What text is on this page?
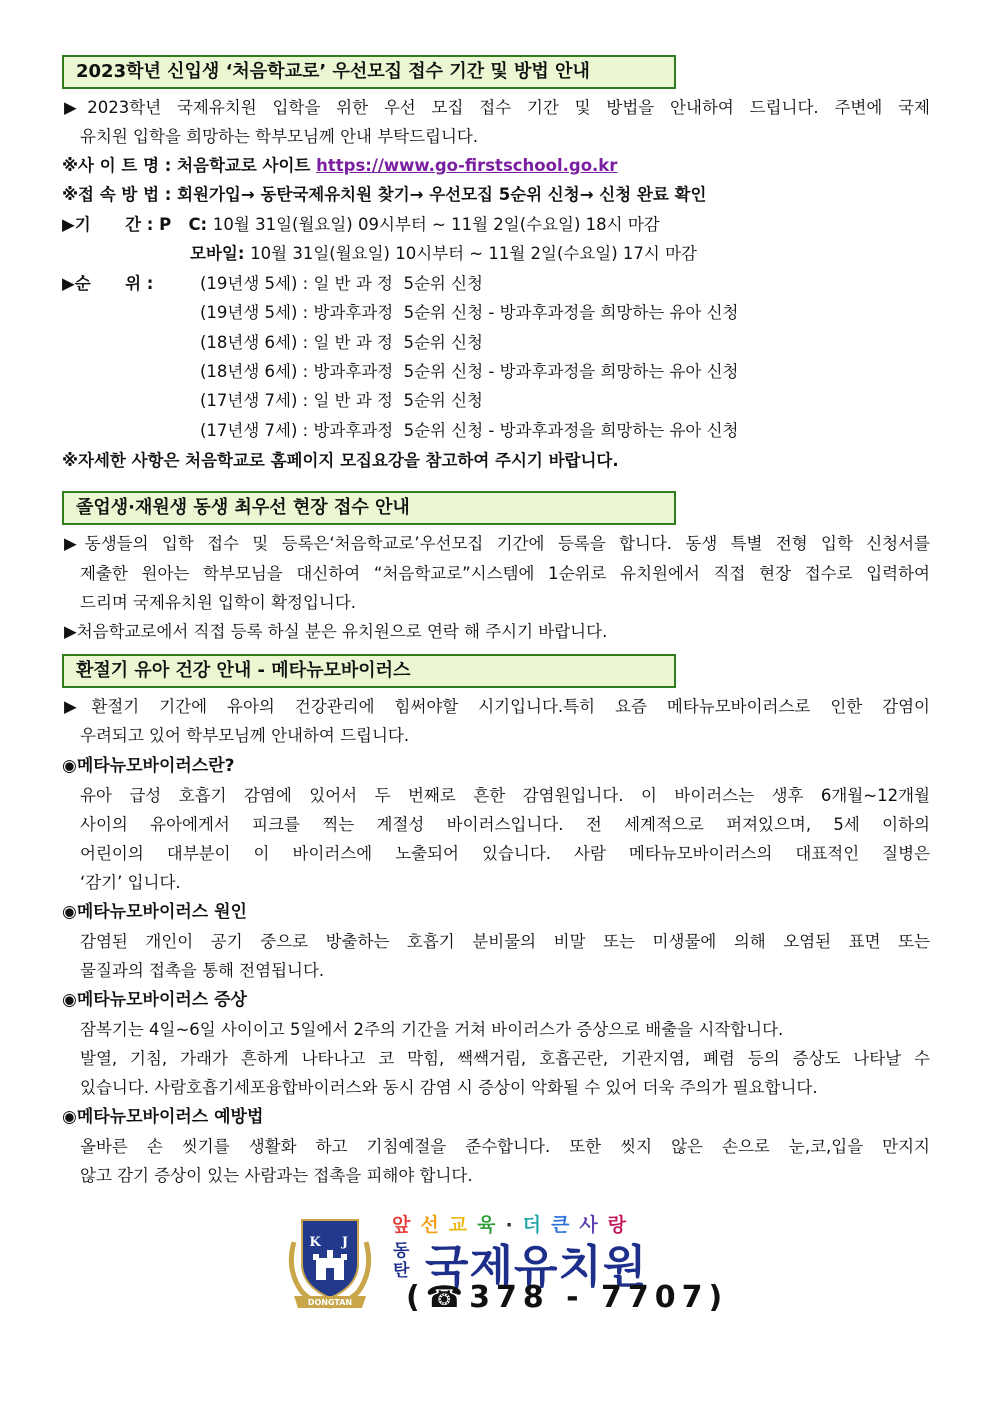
2023학년 신입생 ‘처음학교로’ 우선모집 접수 기간 및 방법 안내
▶2023학년 국제유치원 입학을 위한 우선 모집 접수 기간 및 방법을 안내하여 드립니다. 주변에 국제
유치원 입학을 희망하는 학부모님께 안내 부탁드립니다.
※사 이 트 명 : 처음학교로 사이트 https://www.go-firstschool.go.kr
※접 속 방 법 : 회원가입→ 동탄국제유치원 찾기→ 우선모집 5순위 신청→ 신청 완료 확인
▶기      간 : P   C: 10월 31일(월요일) 09시부터 ~ 11월 2일(수요일) 18시 마감
모바일: 10월 31일(월요일) 10시부터 ~ 11월 2일(수요일) 17시 마감
▶순      위 : (19년생 5세) : 일 반 과 정  5순위 신청
(19년생 5세) : 방과후과정  5순위 신청 - 방과후과정을 희망하는 유아 신청
(18년생 6세) : 일 반 과 정  5순위 신청
(18년생 6세) : 방과후과정  5순위 신청 - 방과후과정을 희망하는 유아 신청
(17년생 7세) : 일 반 과 정  5순위 신청
(17년생 7세) : 방과후과정  5순위 신청 - 방과후과정을 희망하는 유아 신청
※자세한 사항은 처음학교로 홈페이지 모집요강을 참고하여 주시기 바랍니다.
졸업생·재원생 동생 최우선 현장 접수 안내
▶동생들의 입학 접수 및 등록은‘처음학교로’우선모집 기간에 등록을 합니다. 동생 특별 전형 입학 신청서를
제출한 원아는 학부모님을 대신하여 “처음학교로”시스템에 1순위로 유치원에서 직접 현장 접수로 입력하여
드리며 국제유치원 입학이 확정입니다.
▶처음학교로에서 직접 등록 하실 분은 유치원으로 연락 해 주시기 바랍니다.
환절기 유아 건강 안내 - 메타뉴모바이러스
▶환절기 기간에 유아의 건강관리에 힘써야할 시기입니다.특히 요즘 메타뉴모바이러스로 인한 감염이
우려되고 있어 학부모님께 안내하여 드립니다.
◉메타뉴모바이러스란?
유아 급성 호흡기 감염에 있어서 두 번째로 흔한 감염원입니다. 이 바이러스는 생후 6개월~12개월
사이의 유아에게서 피크를 찍는 계절성 바이러스입니다. 전 세계적으로 퍼져있으며, 5세 이하의
어린이의 대부분이 이 바이러스에 노출되어 있습니다. 사람 메타뉴모바이러스의 대표적인 질병은
‘감기’ 입니다.
◉메타뉴모바이러스 원인
감염된 개인이 공기 중으로 방출하는 호흡기 분비물의 비말 또는 미생물에 의해 오염된 표면 또는
물질과의 접촉을 통해 전염됩니다.
◉메타뉴모바이러스 증상
잠복기는 4일~6일 사이이고 5일에서 2주의 기간을 거쳐 바이러스가 증상으로 배출을 시작합니다.
발열, 기침, 가래가 흔하게 나타나고 코 막힘, 쌕쌕거림, 호흡곤란, 기관지염, 폐렴 등의 증상도 나타날 수
있습니다. 사람호흡기세포융합바이러스와 동시 감염 시 증상이 악화될 수 있어 더욱 주의가 필요합니다.
◉메타뉴모바이러스 예방법
올바른 손 씻기를 생활화 하고 기침예절을 준수합니다. 또한 씻지 않은 손으로 눈,코,입을 만지지
않고 감기 증상이 있는 사람과는 접촉을 피해야 합니다.
K J
DONGTAN
앞선교육·더큰사랑
동
탄 국제유치원
(☎378 - 7707)
